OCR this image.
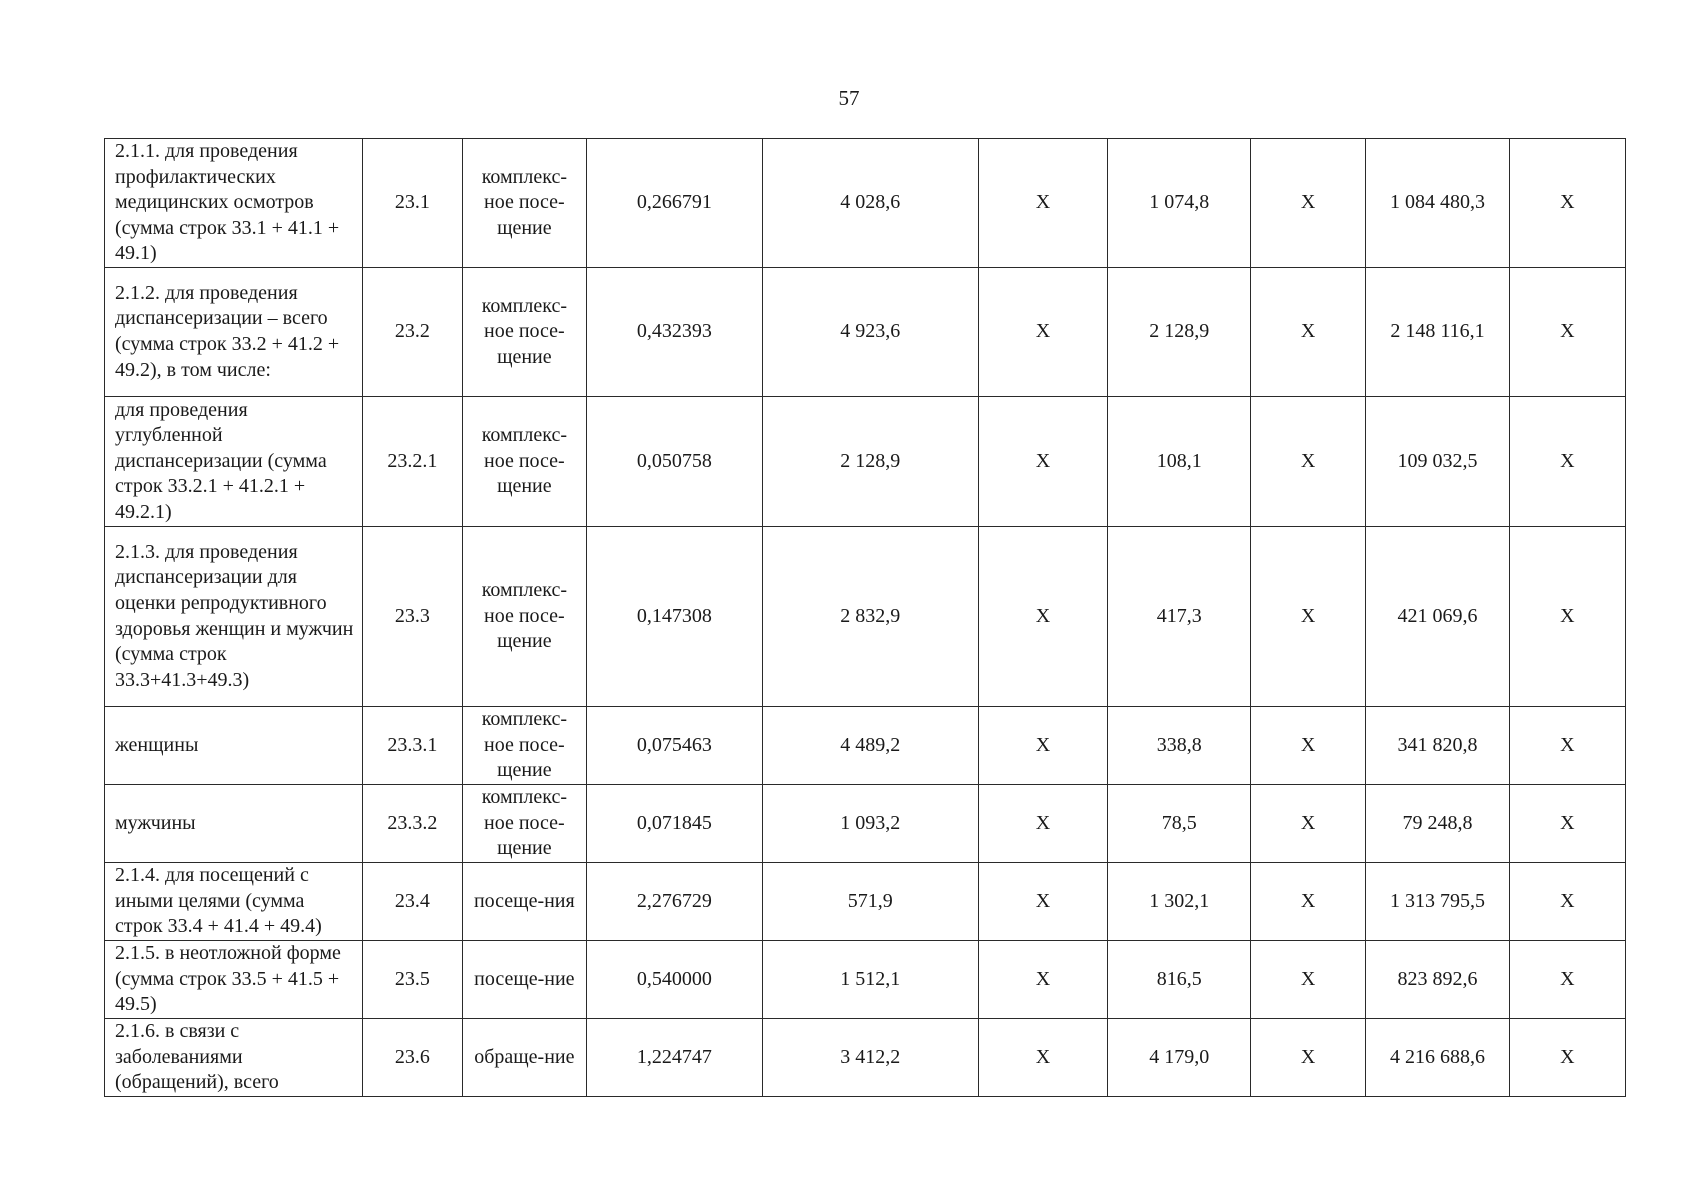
57
2.1.1. для проведения профилактических медицинских осмотров (сумма строк 33.1 + 41.1 + 49.1)	23.1	комплекс-ное посе-щение	0,266791	4 028,6	X	1 074,8	X	1 084 480,3	X
2.1.2. для проведения диспансеризации – всего (сумма строк 33.2 + 41.2 + 49.2), в том числе:	23.2	комплекс-ное посе-щение	0,432393	4 923,6	X	2 128,9	X	2 148 116,1	X
для проведения углубленной диспансеризации (сумма строк 33.2.1 + 41.2.1 + 49.2.1)	23.2.1	комплекс-ное посе-щение	0,050758	2 128,9	X	108,1	X	109 032,5	X
2.1.3. для проведения диспансеризации для оценки репродуктивного здоровья женщин и мужчин (сумма строк 33.3+41.3+49.3)	23.3	комплекс-ное посе-щение	0,147308	2 832,9	X	417,3	X	421 069,6	X
женщины	23.3.1	комплекс-ное посе-щение	0,075463	4 489,2	X	338,8	X	341 820,8	X
мужчины	23.3.2	комплекс-ное посе-щение	0,071845	1 093,2	X	78,5	X	79 248,8	X
2.1.4. для посещений с иными целями (сумма строк 33.4 + 41.4 + 49.4)	23.4	посеще-ния	2,276729	571,9	X	1 302,1	X	1 313 795,5	X
2.1.5. в неотложной форме (сумма строк 33.5 + 41.5 + 49.5)	23.5	посеще-ние	0,540000	1 512,1	X	816,5	X	823 892,6	X
2.1.6. в связи с заболеваниями (обращений), всего	23.6	обраще-ние	1,224747	3 412,2	X	4 179,0	X	4 216 688,6	X
